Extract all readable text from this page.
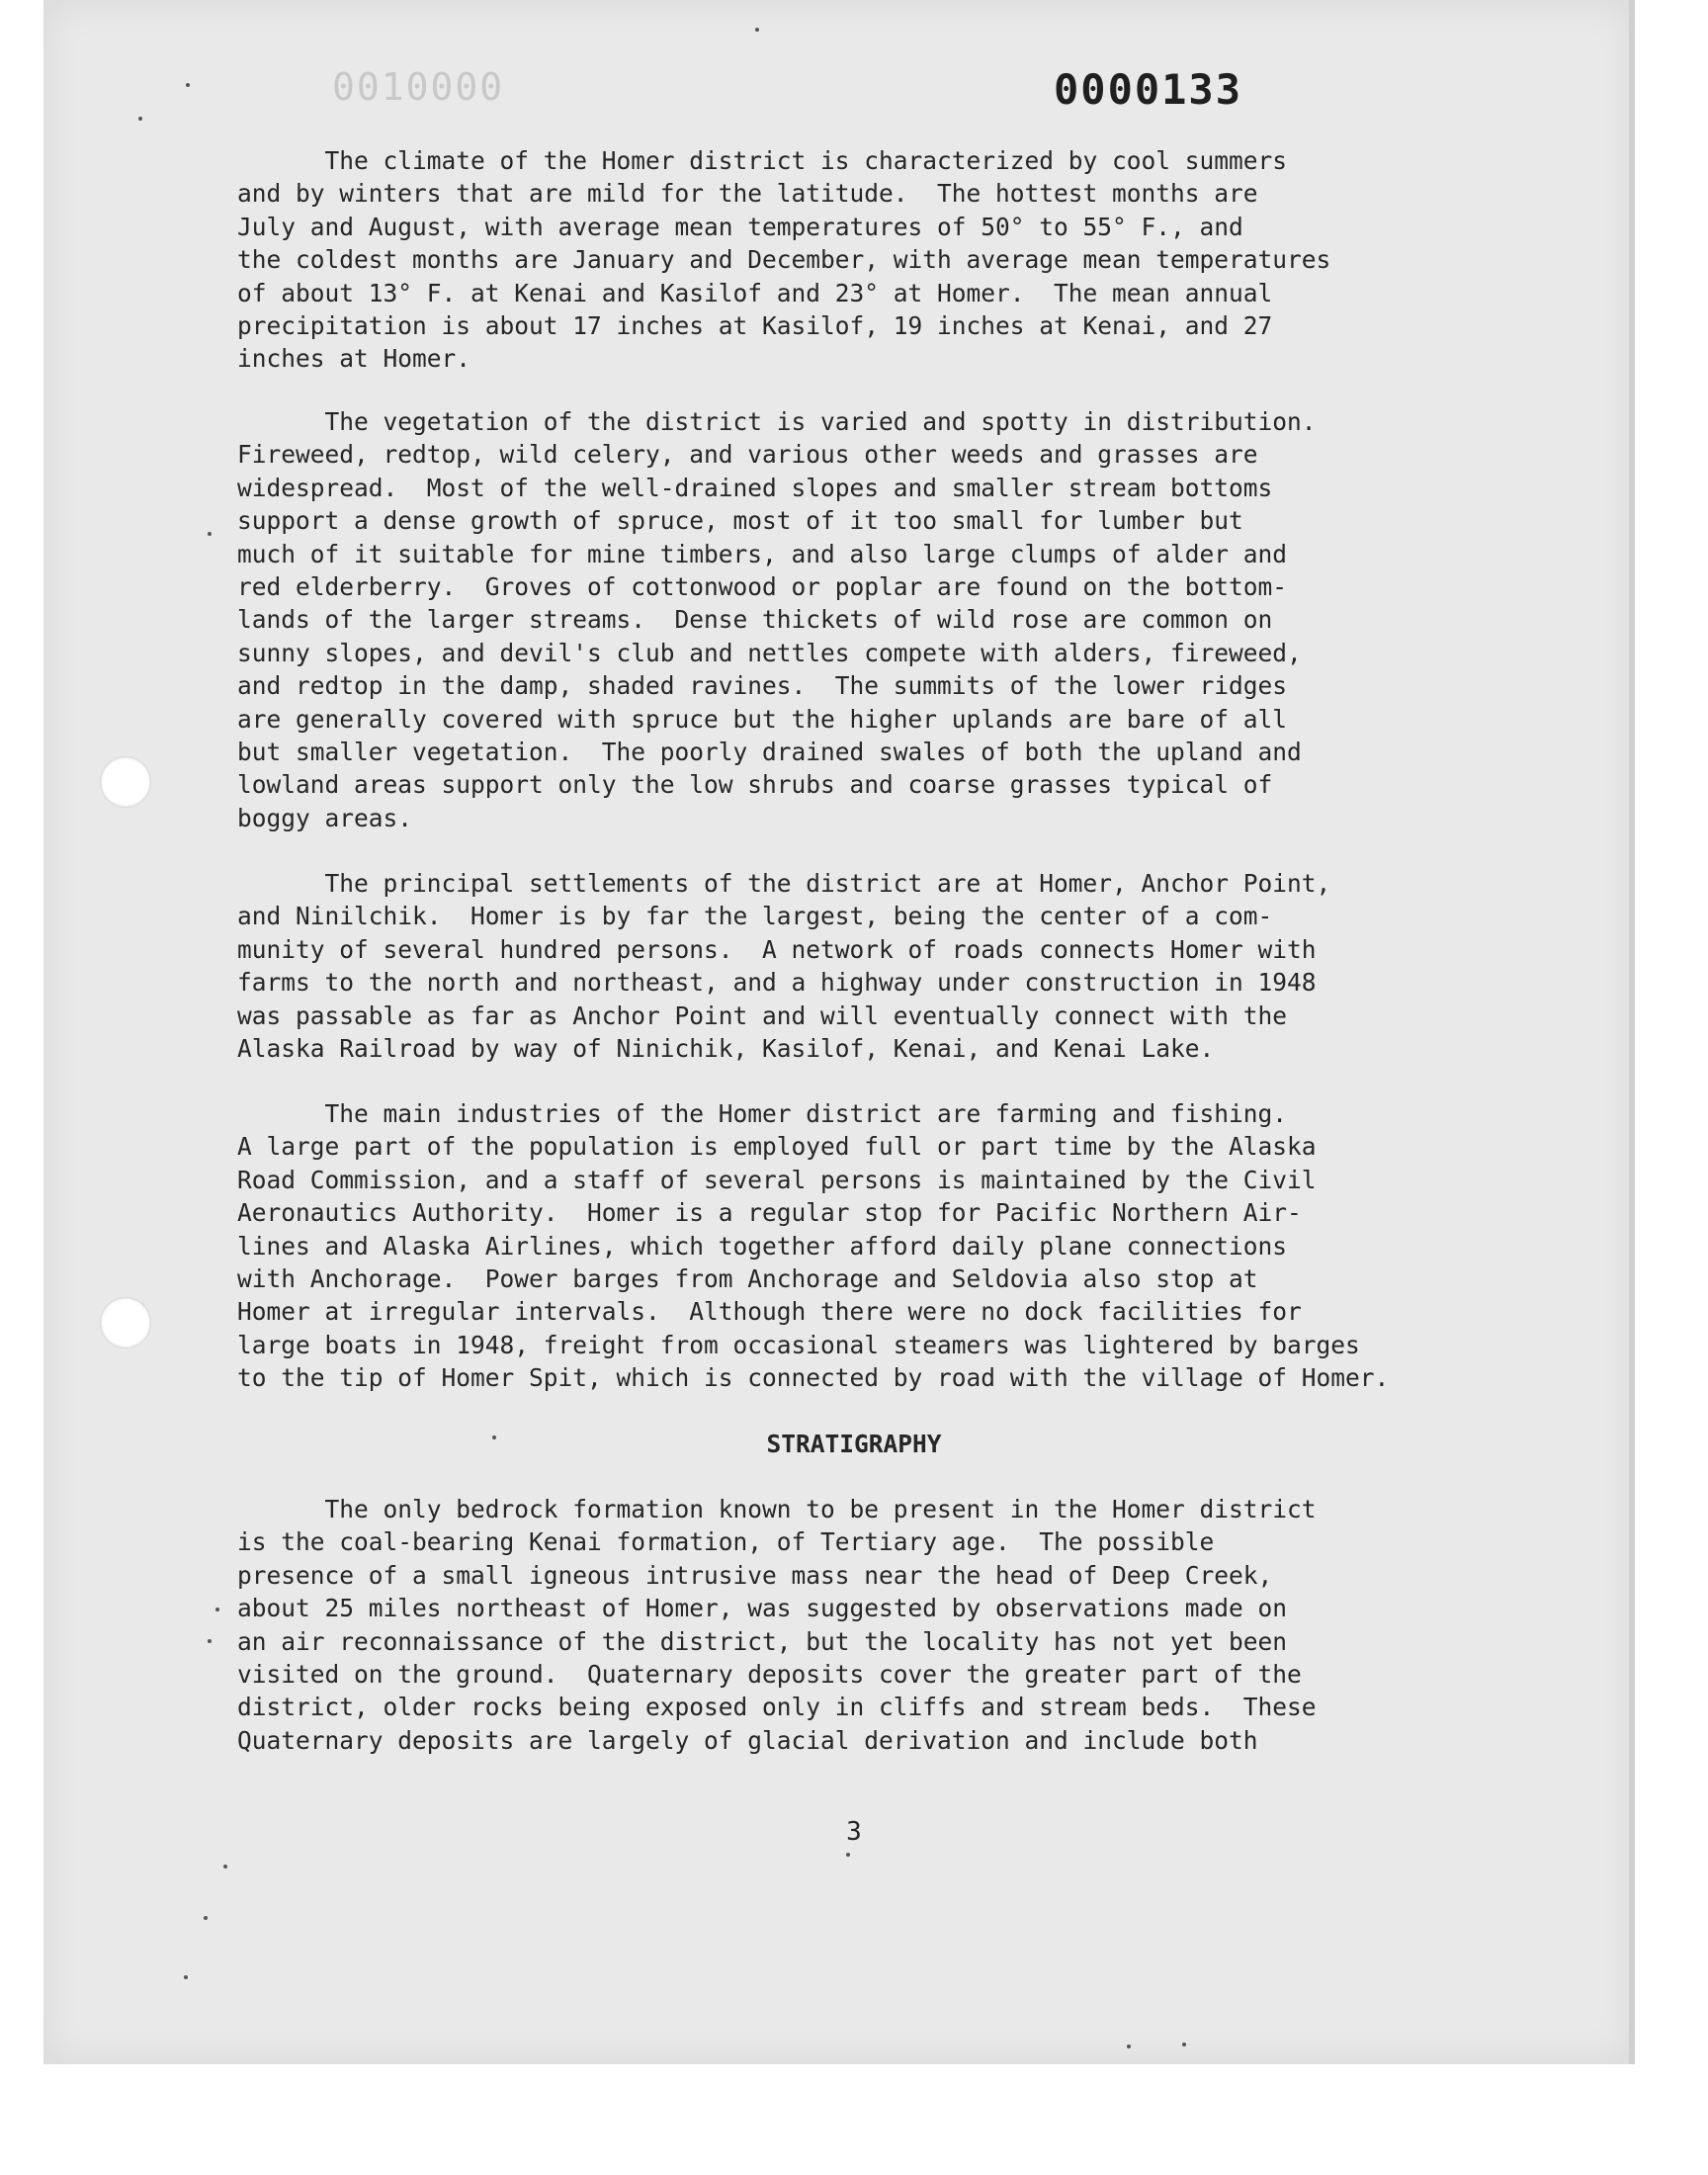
0010000	0000133

The climate of the Homer district is characterized by cool summers
and by winters that are mild for the latitude.  The hottest months are
July and August, with average mean temperatures of 50° to 55° F., and
the coldest months are January and December, with average mean temperatures
of about 13° F. at Kenai and Kasilof and 23° at Homer.  The mean annual
precipitation is about 17 inches at Kasilof, 19 inches at Kenai, and 27
inches at Homer.

The vegetation of the district is varied and spotty in distribution.
Fireweed, redtop, wild celery, and various other weeds and grasses are
widespread.  Most of the well-drained slopes and smaller stream bottoms
support a dense growth of spruce, most of it too small for lumber but
much of it suitable for mine timbers, and also large clumps of alder and
red elderberry.  Groves of cottonwood or poplar are found on the bottom-
lands of the larger streams.  Dense thickets of wild rose are common on
sunny slopes, and devil's club and nettles compete with alders, fireweed,
and redtop in the damp, shaded ravines.  The summits of the lower ridges
are generally covered with spruce but the higher uplands are bare of all
but smaller vegetation.  The poorly drained swales of both the upland and
lowland areas support only the low shrubs and coarse grasses typical of
boggy areas.

The principal settlements of the district are at Homer, Anchor Point,
and Ninilchik.  Homer is by far the largest, being the center of a com-
munity of several hundred persons.  A network of roads connects Homer with
farms to the north and northeast, and a highway under construction in 1948
was passable as far as Anchor Point and will eventually connect with the
Alaska Railroad by way of Ninichik, Kasilof, Kenai, and Kenai Lake.

The main industries of the Homer district are farming and fishing.
A large part of the population is employed full or part time by the Alaska
Road Commission, and a staff of several persons is maintained by the Civil
Aeronautics Authority.  Homer is a regular stop for Pacific Northern Air-
lines and Alaska Airlines, which together afford daily plane connections
with Anchorage.  Power barges from Anchorage and Seldovia also stop at
Homer at irregular intervals.  Although there were no dock facilities for
large boats in 1948, freight from occasional steamers was lightered by barges
to the tip of Homer Spit, which is connected by road with the village of Homer.

STRATIGRAPHY

The only bedrock formation known to be present in the Homer district
is the coal-bearing Kenai formation, of Tertiary age.  The possible
presence of a small igneous intrusive mass near the head of Deep Creek,
about 25 miles northeast of Homer, was suggested by observations made on
an air reconnaissance of the district, but the locality has not yet been
visited on the ground.  Quaternary deposits cover the greater part of the
district, older rocks being exposed only in cliffs and stream beds.  These
Quaternary deposits are largely of glacial derivation and include both

3
